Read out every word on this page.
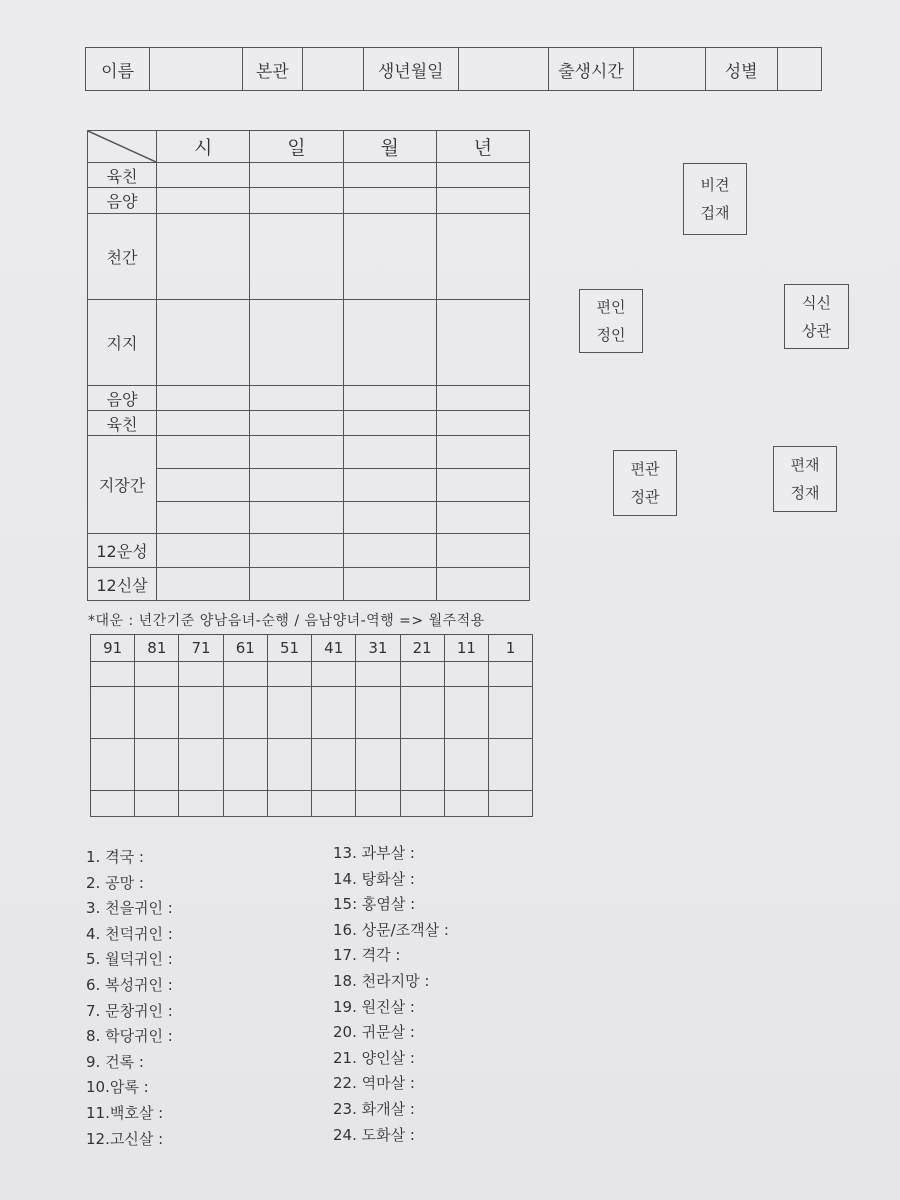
이름		본관		생년월일		출생시간		성별	
	시	일	월	년
육친				
음양				
천간				
지지				
음양				
육친				
지장간				

12운성				
12신살				
*대운 : 년간기준 양남음녀-순행 / 음남양녀-역행 => 월주적용
91	81	71	61	51	41	31	21	11	1

비견
겁재
편인
정인
식신
상관
편관
정관
편재
정재
1. 격국 :
2. 공망 :
3. 천을귀인 :
4. 천덕귀인 :
5. 월덕귀인 :
6. 복성귀인 :
7. 문창귀인 :
8. 학당귀인 :
9. 건록 :
10.암록 :
11.백호살 :
12.고신살 :
13. 과부살 :
14. 탕화살 :
15: 홍염살 :
16. 상문/조객살 :
17. 격각 :
18. 천라지망 :
19. 원진살 :
20. 귀문살 :
21. 양인살 :
22. 역마살 :
23. 화개살 :
24. 도화살 :
